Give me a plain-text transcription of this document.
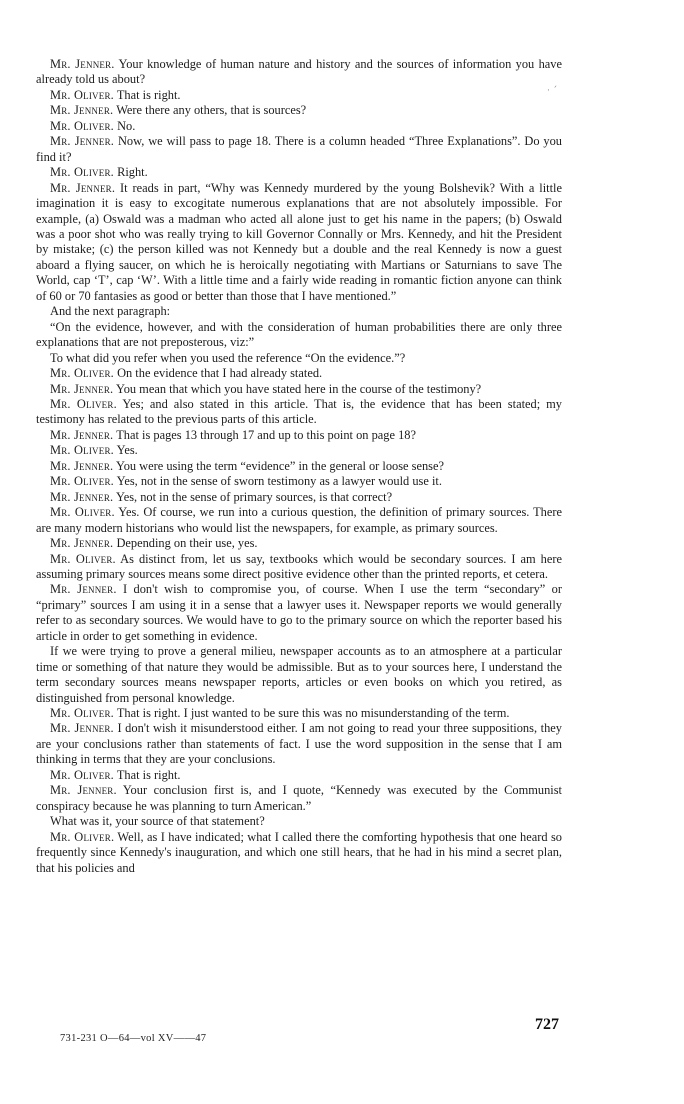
· ˊ

Mr. Jenner. Your knowledge of human nature and history and the sources of information you have already told us about?

Mr. Oliver. That is right.

Mr. Jenner. Were there any others, that is sources?

Mr. Oliver. No.

Mr. Jenner. Now, we will pass to page 18. There is a column headed “Three Explanations”. Do you find it?

Mr. Oliver. Right.

Mr. Jenner. It reads in part, “Why was Kennedy murdered by the young Bolshevik? With a little imagination it is easy to excogitate numerous explanations that are not absolutely impossible. For example, (a) Oswald was a madman who acted all alone just to get his name in the papers; (b) Oswald was a poor shot who was really trying to kill Governor Connally or Mrs. Kennedy, and hit the President by mistake; (c) the person killed was not Kennedy but a double and the real Kennedy is now a guest aboard a flying saucer, on which he is heroically negotiating with Martians or Saturnians to save The World, cap ‘T’, cap ‘W’. With a little time and a fairly wide reading in romantic fiction anyone can think of 60 or 70 fantasies as good or better than those that I have mentioned.”

And the next paragraph:

“On the evidence, however, and with the consideration of human probabilities there are only three explanations that are not preposterous, viz:”

To what did you refer when you used the reference “On the evidence.”?

Mr. Oliver. On the evidence that I had already stated.

Mr. Jenner. You mean that which you have stated here in the course of the testimony?

Mr. Oliver. Yes; and also stated in this article. That is, the evidence that has been stated; my testimony has related to the previous parts of this article.

Mr. Jenner. That is pages 13 through 17 and up to this point on page 18?

Mr. Oliver. Yes.

Mr. Jenner. You were using the term “evidence” in the general or loose sense?

Mr. Oliver. Yes, not in the sense of sworn testimony as a lawyer would use it.

Mr. Jenner. Yes, not in the sense of primary sources, is that correct?

Mr. Oliver. Yes. Of course, we run into a curious question, the definition of primary sources. There are many modern historians who would list the newspapers, for example, as primary sources.

Mr. Jenner. Depending on their use, yes.

Mr. Oliver. As distinct from, let us say, textbooks which would be secondary sources. I am here assuming primary sources means some direct positive evidence other than the printed reports, et cetera.

Mr. Jenner. I don't wish to compromise you, of course. When I use the term “secondary” or “primary” sources I am using it in a sense that a lawyer uses it. Newspaper reports we would generally refer to as secondary sources. We would have to go to the primary source on which the reporter based his article in order to get something in evidence.

If we were trying to prove a general milieu, newspaper accounts as to an atmosphere at a particular time or something of that nature they would be admissible. But as to your sources here, I understand the term secondary sources means newspaper reports, articles or even books on which you retired, as distinguished from personal knowledge.

Mr. Oliver. That is right. I just wanted to be sure this was no misunderstanding of the term.

Mr. Jenner. I don't wish it misunderstood either. I am not going to read your three suppositions, they are your conclusions rather than statements of fact. I use the word supposition in the sense that I am thinking in terms that they are your conclusions.

Mr. Oliver. That is right.

Mr. Jenner. Your conclusion first is, and I quote, “Kennedy was executed by the Communist conspiracy because he was planning to turn American.”

What was it, your source of that statement?

Mr. Oliver. Well, as I have indicated; what I called there the comforting hypothesis that one heard so frequently since Kennedy's inauguration, and which one still hears, that he had in his mind a secret plan, that his policies and

731-231 O—64—vol XV——47
727
